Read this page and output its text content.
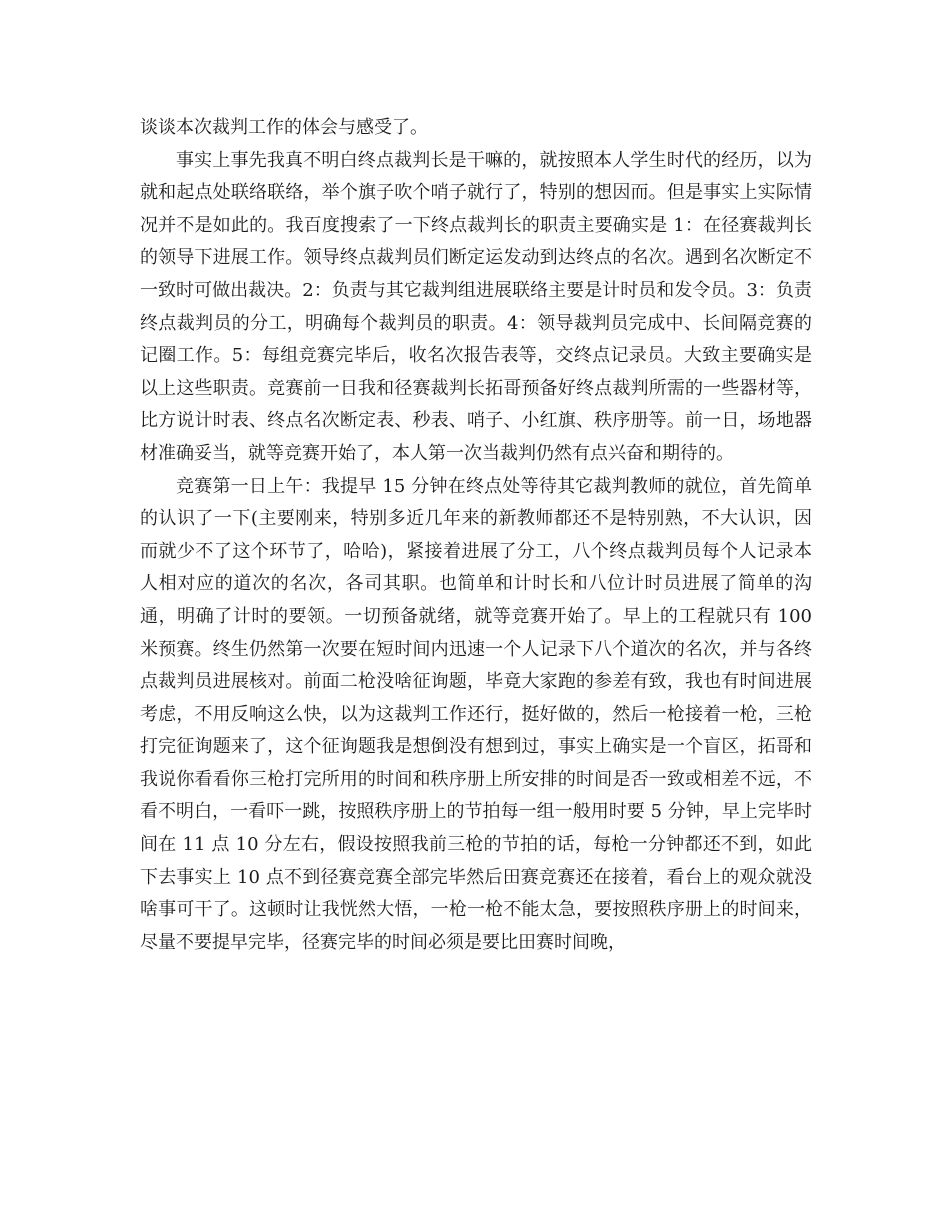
谈谈本次裁判工作的体会与感受了。

事实上事先我真不明白终点裁判长是干嘛的，就按照本人学生时代的经历，以为就和起点处联络联络，举个旗子吹个哨子就行了，特别的想因而。但是事实上实际情况并不是如此的。我百度搜索了一下终点裁判长的职责主要确实是 1：在径赛裁判长的领导下进展工作。领导终点裁判员们断定运发动到达终点的名次。遇到名次断定不一致时可做出裁决。2：负责与其它裁判组进展联络主要是计时员和发令员。3：负责终点裁判员的分工，明确每个裁判员的职责。4：领导裁判员完成中、长间隔竞赛的记圈工作。5：每组竞赛完毕后，收名次报告表等，交终点记录员。大致主要确实是以上这些职责。竞赛前一日我和径赛裁判长拓哥预备好终点裁判所需的一些器材等，比方说计时表、终点名次断定表、秒表、哨子、小红旗、秩序册等。前一日，场地器材准确妥当，就等竞赛开始了，本人第一次当裁判仍然有点兴奋和期待的。

竞赛第一日上午：我提早 15 分钟在终点处等待其它裁判教师的就位，首先简单的认识了一下(主要刚来，特别多近几年来的新教师都还不是特别熟，不大认识，因而就少不了这个环节了，哈哈)，紧接着进展了分工，八个终点裁判员每个人记录本人相对应的道次的名次，各司其职。也简单和计时长和八位计时员进展了简单的沟通，明确了计时的要领。一切预备就绪，就等竞赛开始了。早上的工程就只有 100 米预赛。终生仍然第一次要在短时间内迅速一个人记录下八个道次的名次，并与各终点裁判员进展核对。前面二枪没啥征询题，毕竟大家跑的参差有致，我也有时间进展考虑，不用反响这么快，以为这裁判工作还行，挺好做的，然后一枪接着一枪，三枪打完征询题来了，这个征询题我是想倒没有想到过，事实上确实是一个盲区，拓哥和我说你看看你三枪打完所用的时间和秩序册上所安排的时间是否一致或相差不远，不看不明白，一看吓一跳，按照秩序册上的节拍每一组一般用时要 5 分钟，早上完毕时间在 11 点 10 分左右，假设按照我前三枪的节拍的话，每枪一分钟都还不到，如此下去事实上 10 点不到径赛竞赛全部完毕然后田赛竞赛还在接着，看台上的观众就没啥事可干了。这顿时让我恍然大悟，一枪一枪不能太急，要按照秩序册上的时间来，尽量不要提早完毕，径赛完毕的时间必须是要比田赛时间晚，
